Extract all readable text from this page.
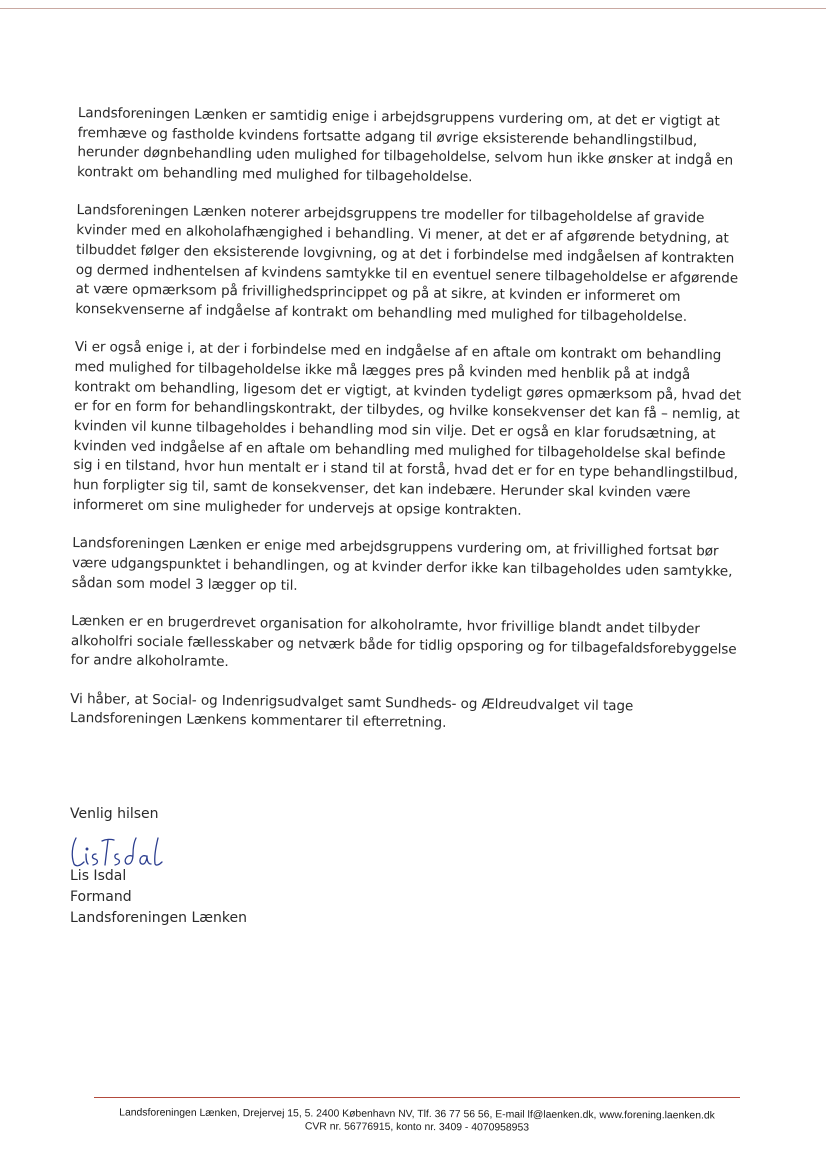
Landsforeningen Lænken er samtidig enige i arbejdsgruppens vurdering om, at det er vigtigt at fremhæve og fastholde kvindens fortsatte adgang til øvrige eksisterende behandlingstilbud, herunder døgnbehandling uden mulighed for tilbageholdelse, selvom hun ikke ønsker at indgå en kontrakt om behandling med mulighed for tilbageholdelse.

Landsforeningen Lænken noterer arbejdsgruppens tre modeller for tilbageholdelse af gravide kvinder med en alkoholafhængighed i behandling. Vi mener, at det er af afgørende betydning, at tilbuddet følger den eksisterende lovgivning, og at det i forbindelse med indgåelsen af kontrakten og dermed indhentelsen af kvindens samtykke til en eventuel senere tilbageholdelse er afgørende at være opmærksom på frivillighedsprincippet og på at sikre, at kvinden er informeret om konsekvenserne af indgåelse af kontrakt om behandling med mulighed for tilbageholdelse.

Vi er også enige i, at der i forbindelse med en indgåelse af en aftale om kontrakt om behandling med mulighed for tilbageholdelse ikke må lægges pres på kvinden med henblik på at indgå kontrakt om behandling, ligesom det er vigtigt, at kvinden tydeligt gøres opmærksom på, hvad det er for en form for behandlingskontrakt, der tilbydes, og hvilke konsekvenser det kan få – nemlig, at kvinden vil kunne tilbageholdes i behandling mod sin vilje. Det er også en klar forudsætning, at kvinden ved indgåelse af en aftale om behandling med mulighed for tilbageholdelse skal befinde sig i en tilstand, hvor hun mentalt er i stand til at forstå, hvad det er for en type behandlingstilbud, hun forpligter sig til, samt de konsekvenser, det kan indebære. Herunder skal kvinden være informeret om sine muligheder for undervejs at opsige kontrakten.

Landsforeningen Lænken er enige med arbejdsgruppens vurdering om, at frivillighed fortsat bør være udgangspunktet i behandlingen, og at kvinder derfor ikke kan tilbageholdes uden samtykke, sådan som model 3 lægger op til.

Lænken er en brugerdrevet organisation for alkoholramte, hvor frivillige blandt andet tilbyder alkoholfri sociale fællesskaber og netværk både for tidlig opsporing og for tilbagefaldsforebyggelse for andre alkoholramte.

Vi håber, at Social- og Indenrigsudvalget samt Sundheds- og Ældreudvalget vil tage Landsforeningen Lænkens kommentarer til efterretning.

Venlig hilsen
Lis Isdal
Formand
Landsforeningen Lænken
Landsforeningen Lænken, Drejervej 15, 5. 2400 København NV, Tlf. 36 77 56 56, E-mail lf@laenken.dk, www.forening.laenken.dk
CVR nr. 56776915, konto nr. 3409 - 4070958953
